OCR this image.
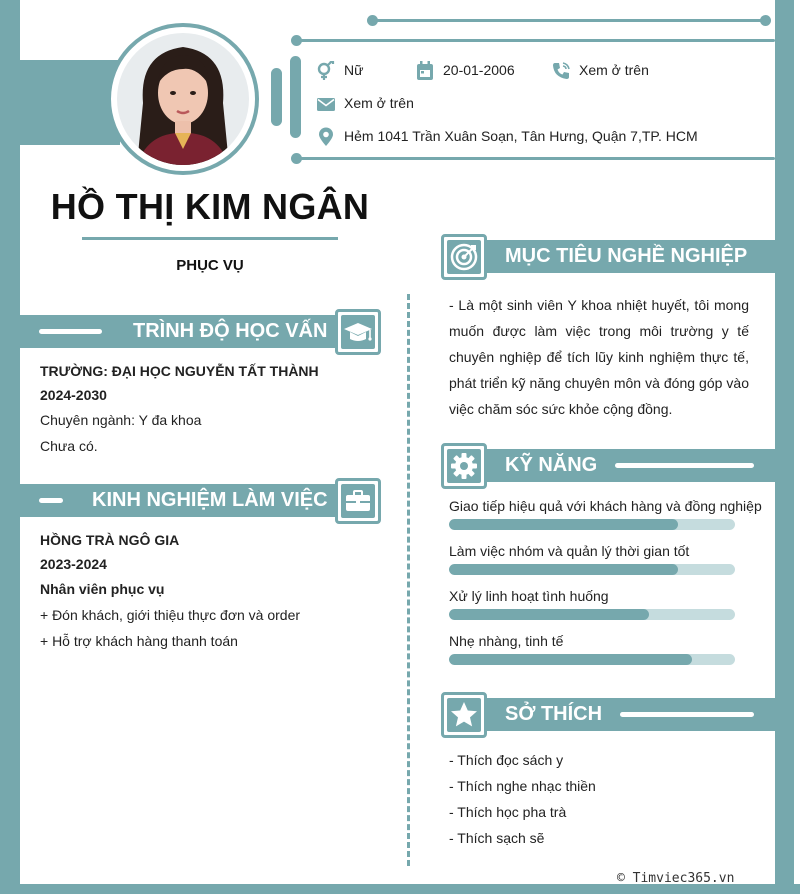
Nữ	20-01-2006	Xem ở trên
Xem ở trên
Hẻm 1041 Trần Xuân Soạn, Tân Hưng, Quận 7,TP. HCM
HỒ THỊ KIM NGÂN
PHỤC VỤ
TRÌNH ĐỘ HỌC VẤN
TRƯỜNG: ĐẠI HỌC NGUYỄN TẤT THÀNH
2024-2030
Chuyên ngành: Y đa khoa
Chưa có.
KINH NGHIỆM LÀM VIỆC
HỒNG TRÀ NGÔ GIA
2023-2024
Nhân viên phục vụ
+ Đón khách, giới thiệu thực đơn và order
+ Hỗ trợ khách hàng thanh toán
MỤC TIÊU NGHỀ NGHIỆP
- Là một sinh viên Y khoa nhiệt huyết, tôi mong muốn được làm việc trong môi trường y tế chuyên nghiệp để tích lũy kinh nghiệm thực tế, phát triển kỹ năng chuyên môn và đóng góp vào việc chăm sóc sức khỏe cộng đồng.
KỸ NĂNG
Giao tiếp hiệu quả với khách hàng và đồng nghiệp
Làm việc nhóm và quản lý thời gian tốt
Xử lý linh hoạt tình huống
Nhẹ nhàng, tinh tế
SỞ THÍCH
- Thích đọc sách y
- Thích nghe nhạc thiền
- Thích học pha trà
- Thích sạch sẽ
© Timviec365.vn
